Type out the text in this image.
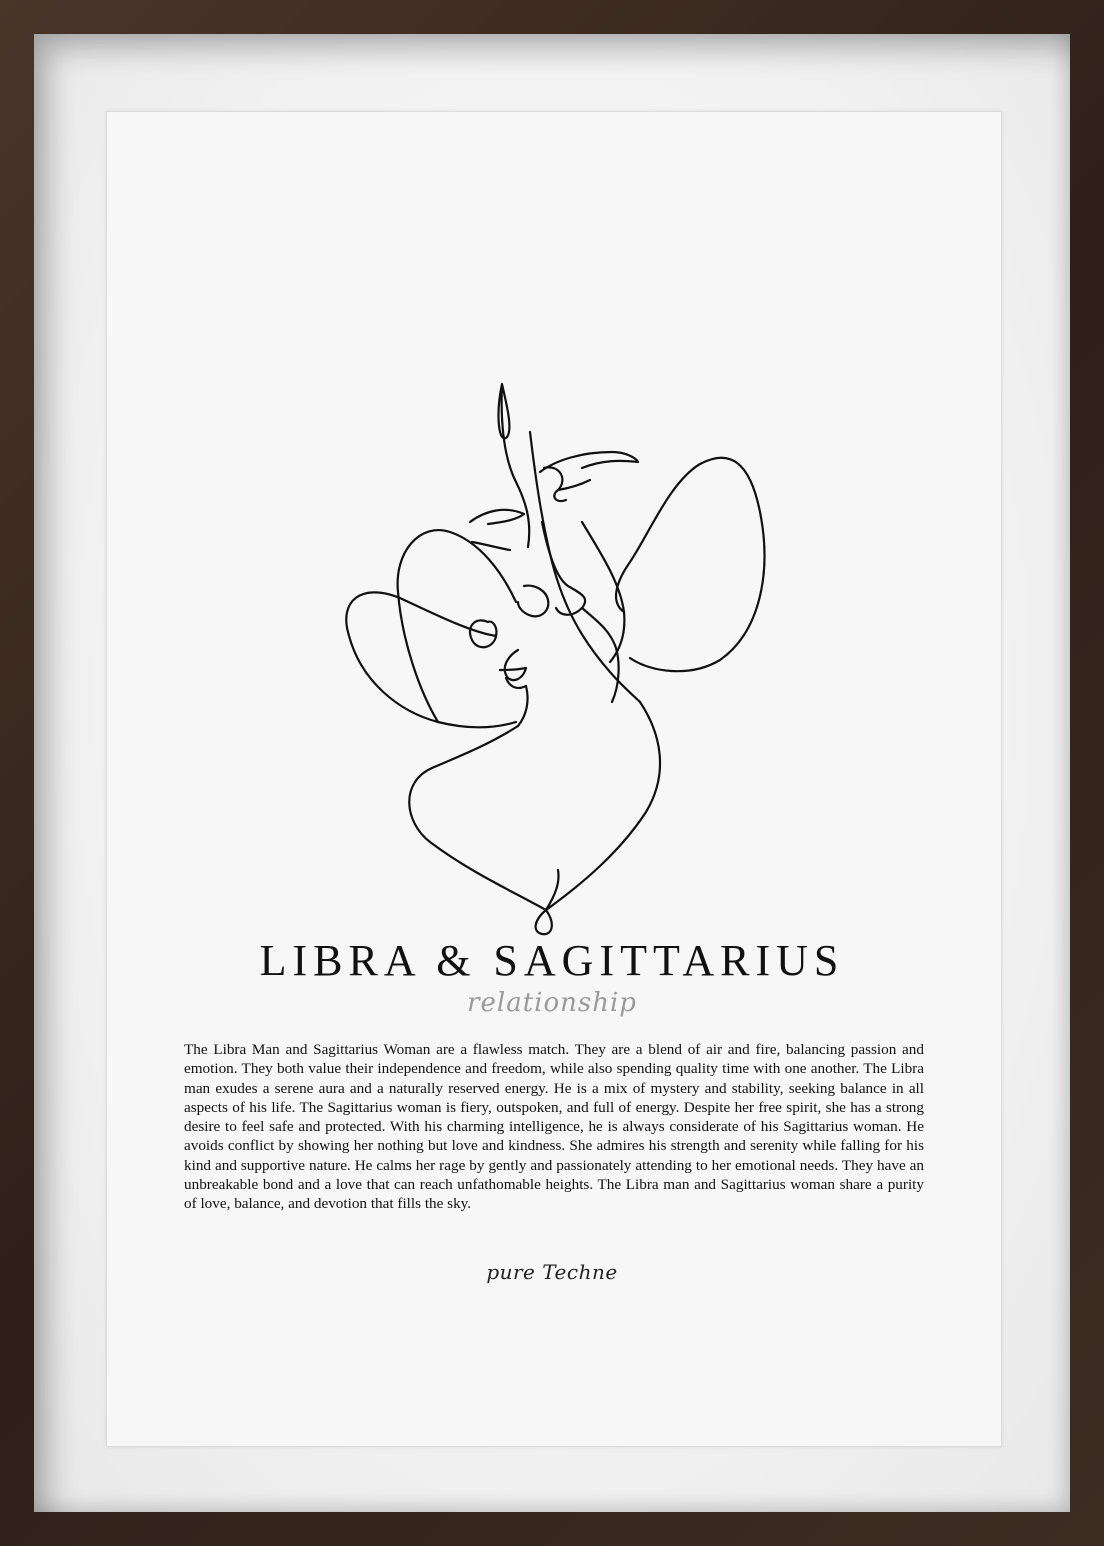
LIBRA & SAGITTARIUS
relationship
The Libra Man and Sagittarius Woman are a flawless match. They are a blend of air and fire, balancing passion and emotion. They both value their independence and freedom, while also spending quality time with one another. The Libra man exudes a serene aura and a naturally reserved energy. He is a mix of mystery and stability, seeking balance in all aspects of his life. The Sagittarius woman is fiery, outspoken, and full of energy. Despite her free spirit, she has a strong desire to feel safe and protected. With his charming intelligence, he is always considerate of his Sagittarius woman. He avoids conflict by showing her nothing but love and kindness. She admires his strength and serenity while falling for his kind and supportive nature. He calms her rage by gently and passionately attending to her emotional needs. They have an unbreakable bond and a love that can reach unfathomable heights. The Libra man and Sagittarius woman share a purity of love, balance, and devotion that fills the sky.
pure Techne
